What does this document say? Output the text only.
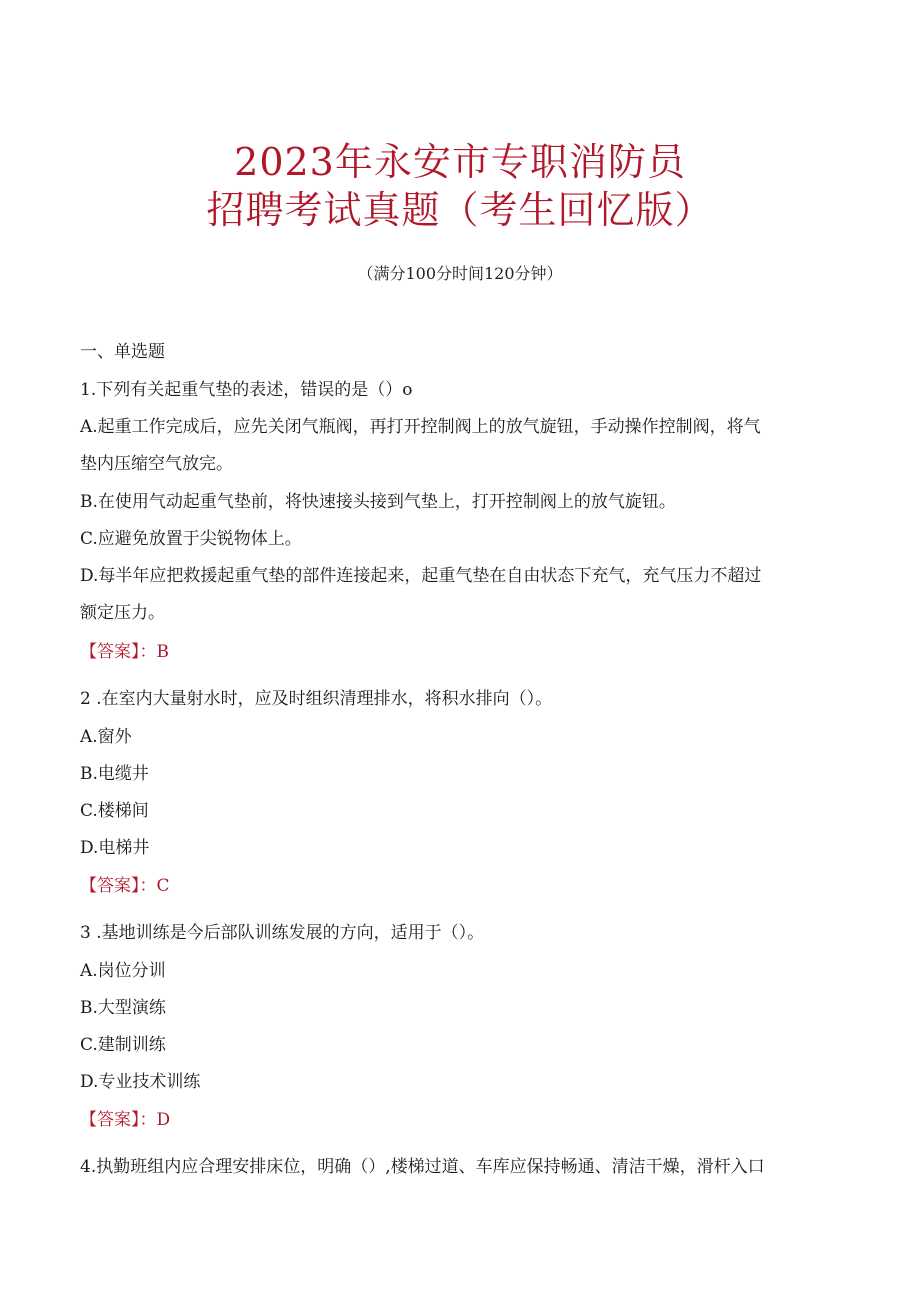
2023年永安市专职消防员
招聘考试真题（考生回忆版）
（满分100分时间120分钟）
一、单选题
1.下列有关起重气垫的表述，错误的是（）o
A.起重工作完成后，应先关闭气瓶阀，再打开控制阀上的放气旋钮，手动操作控制阀，将气
垫内压缩空气放完。
B.在使用气动起重气垫前，将快速接头接到气垫上，打开控制阀上的放气旋钮。
C.应避免放置于尖锐物体上。
D.每半年应把救援起重气垫的部件连接起来，起重气垫在自由状态下充气，充气压力不超过
额定压力。
【答案】：B
2 .在室内大量射水时，应及时组织清理排水，将积水排向（）。
A.窗外
B.电缆井
C.楼梯间
D.电梯井
【答案】：C
3 .基地训练是今后部队训练发展的方向，适用于（）。
A.岗位分训
B.大型演练
C.建制训练
D.专业技术训练
【答案】：D
4.执勤班组内应合理安排床位，明确（）,楼梯过道、车库应保持畅通、清洁干燥，滑杆入口
